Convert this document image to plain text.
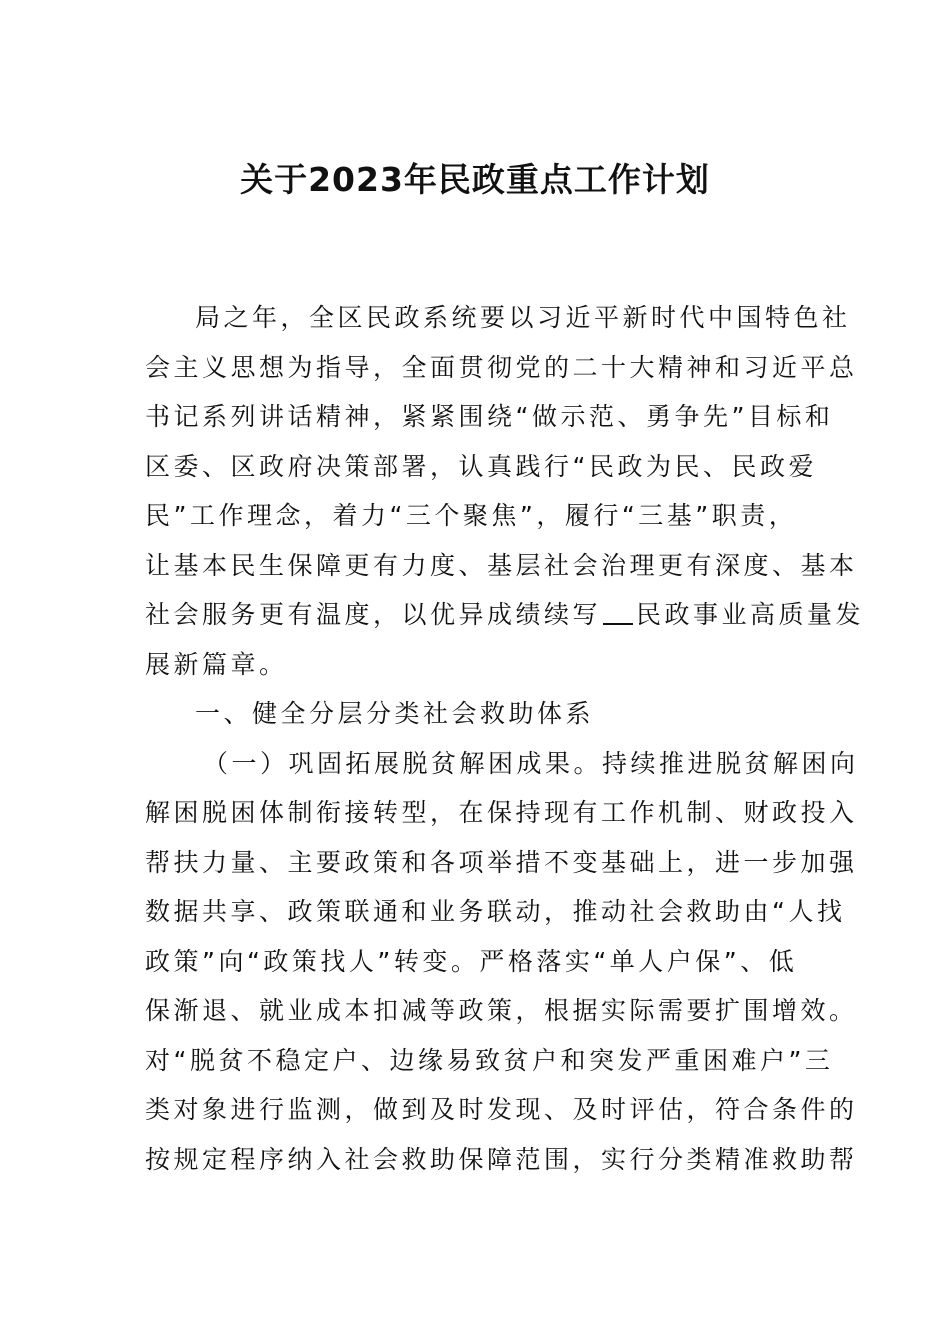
关于2023年民政重点工作计划
局之年，全区民政系统要以习近平新时代中国特色社
会主义思想为指导，全面贯彻党的二十大精神和习近平总
书记系列讲话精神，紧紧围绕“做示范、勇争先”目标和
区委、区政府决策部署，认真践行“民政为民、民政爱
民”工作理念，着力“三个聚焦”，履行“三基”职责，
让基本民生保障更有力度、基层社会治理更有深度、基本
社会服务更有温度，以优异成绩续写 民政事业高质量发
展新篇章。
一、健全分层分类社会救助体系
（一）巩固拓展脱贫解困成果。持续推进脱贫解困向
解困脱困体制衔接转型，在保持现有工作机制、财政投入
帮扶力量、主要政策和各项举措不变基础上，进一步加强
数据共享、政策联通和业务联动，推动社会救助由“人找
政策”向“政策找人”转变。严格落实“单人户保”、低
保渐退、就业成本扣减等政策，根据实际需要扩围增效。
对“脱贫不稳定户、边缘易致贫户和突发严重困难户”三
类对象进行监测，做到及时发现、及时评估，符合条件的
按规定程序纳入社会救助保障范围，实行分类精准救助帮
